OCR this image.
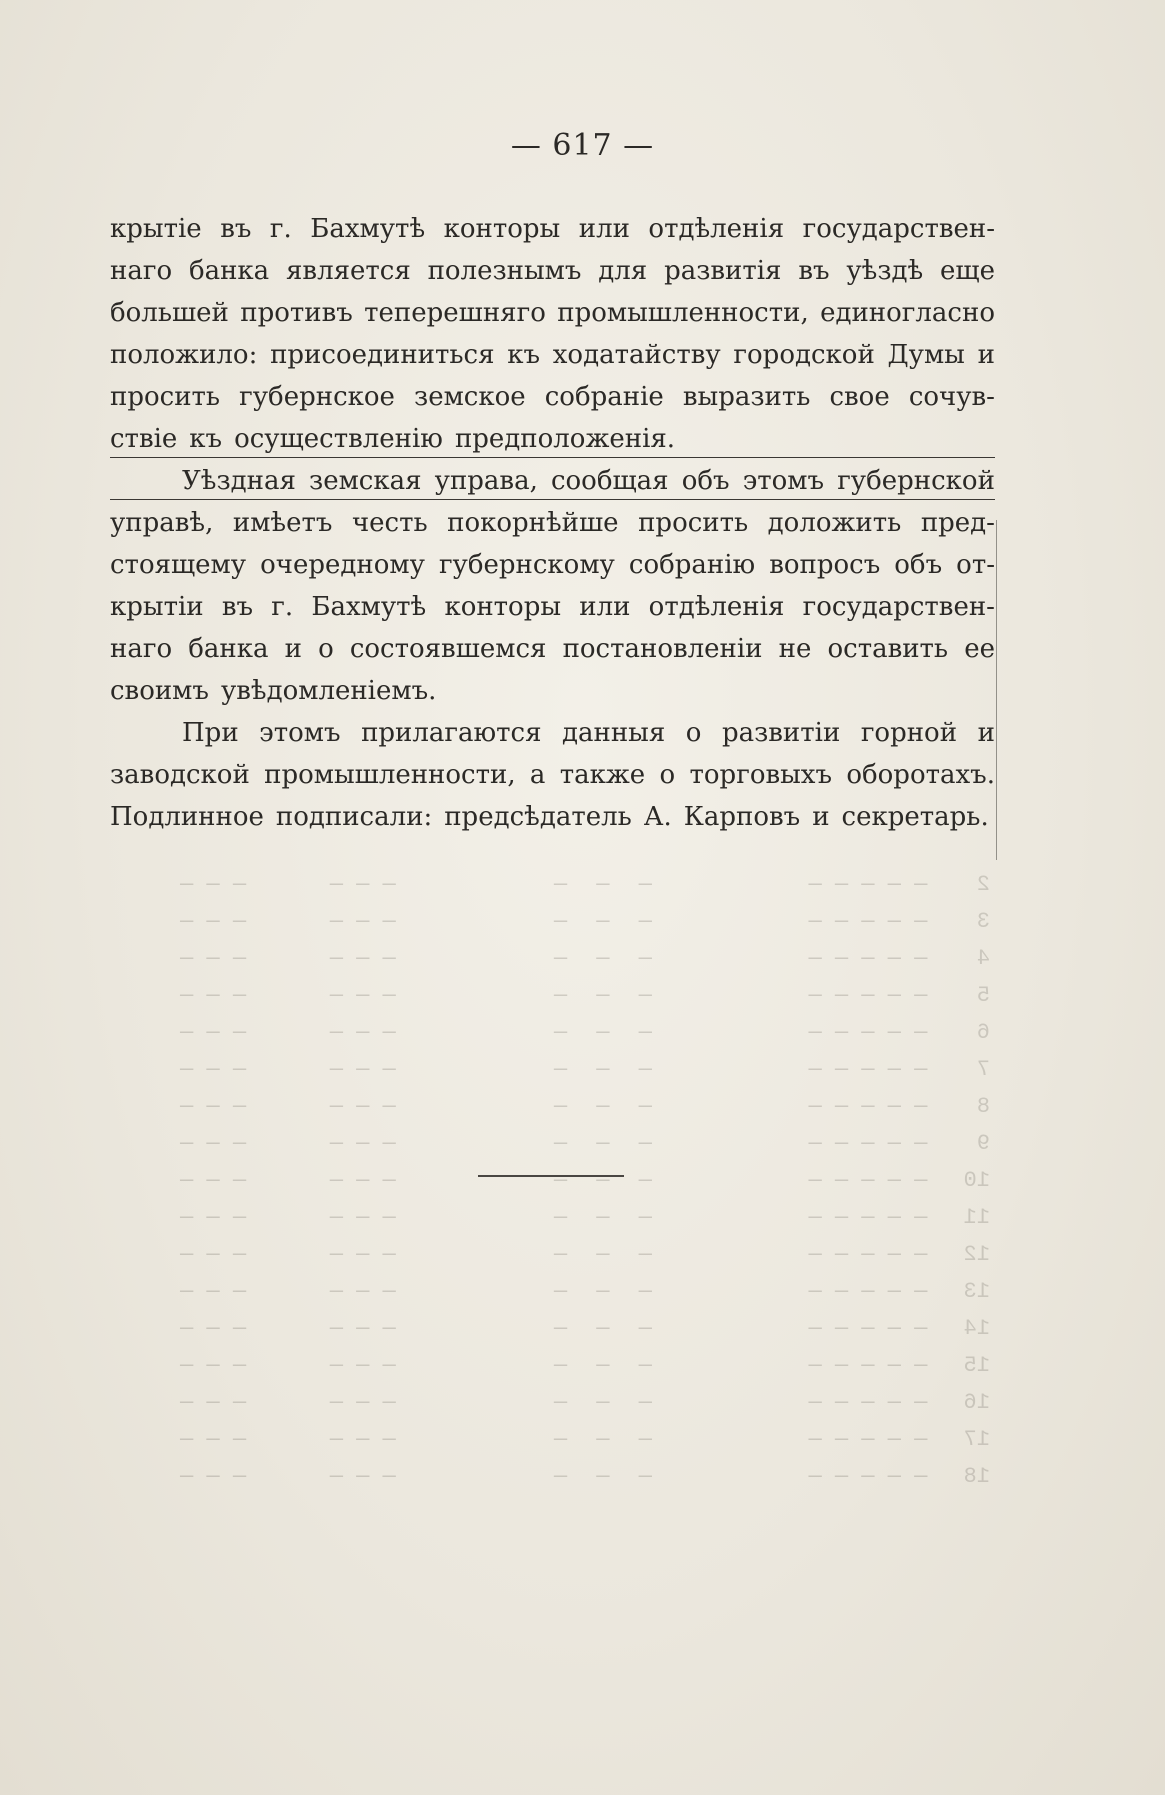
— 617 —
2
— — — — —
— — —
— — —
— — —
3
— — — — —
— — —
— — —
— — —
4
— — — — —
— — —
— — —
— — —
5
— — — — —
— — —
— — —
— — —
6
— — — — —
— — —
— — —
— — —
7
— — — — —
— — —
— — —
— — —
8
— — — — —
— — —
— — —
— — —
9
— — — — —
— — —
— — —
— — —
10
— — — — —
— — —
— — —
— — —
11
— — — — —
— — —
— — —
— — —
12
— — — — —
— — —
— — —
— — —
13
— — — — —
— — —
— — —
— — —
14
— — — — —
— — —
— — —
— — —
15
— — — — —
— — —
— — —
— — —
16
— — — — —
— — —
— — —
— — —
17
— — — — —
— — —
— — —
— — —
18
— — — — —
— — —
— — —
— — —
крытіе въ г. Бахмутѣ конторы или отдѣленія государствен-
наго банка является полезнымъ для развитія въ уѣздѣ еще
большей противъ теперешняго промышленности, единогласно
положило: присоединиться къ ходатайству городской Думы и
просить губернское земское собраніе выразить свое сочув-
ствіе къ осуществленію предположенія.
Уѣздная земская управа, сообщая объ этомъ губернской
управѣ, имѣетъ честь покорнѣйше просить доложить пред-
стоящему очередному губернскому собранію вопросъ объ от-
крытіи въ г. Бахмутѣ конторы или отдѣленія государствен-
наго банка и о состоявшемся постановленіи не оставить ее
своимъ увѣдомленіемъ.
При этомъ прилагаются данныя о развитіи горной и
заводской промышленности, а также о торговыхъ оборотахъ.
Подлинное подписали: предсѣдатель А. Карповъ и секретарь.
